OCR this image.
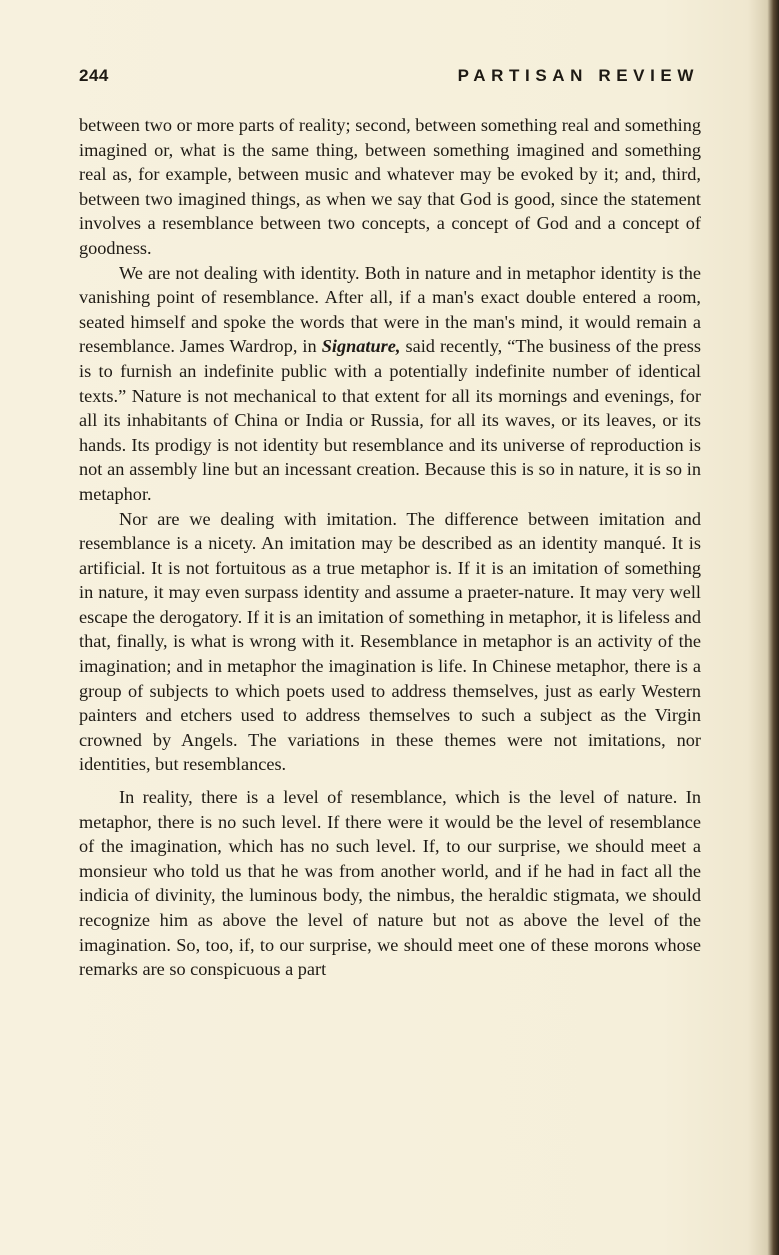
244	PARTISAN REVIEW

between two or more parts of reality; second, between something real and something imagined or, what is the same thing, between something imagined and something real as, for example, between music and whatever may be evoked by it; and, third, between two imagined things, as when we say that God is good, since the statement involves a resemblance between two concepts, a concept of God and a concept of goodness.

We are not dealing with identity. Both in nature and in metaphor identity is the vanishing point of resemblance. After all, if a man's exact double entered a room, seated himself and spoke the words that were in the man's mind, it would remain a resemblance. James Wardrop, in Signature, said recently, “The business of the press is to furnish an indefinite public with a potentially indefinite number of identical texts.” Nature is not mechanical to that extent for all its mornings and evenings, for all its inhabitants of China or India or Russia, for all its waves, or its leaves, or its hands. Its prodigy is not identity but resemblance and its universe of reproduction is not an assembly line but an incessant creation. Because this is so in nature, it is so in metaphor.

Nor are we dealing with imitation. The difference between imitation and resemblance is a nicety. An imitation may be described as an identity manqué. It is artificial. It is not fortuitous as a true metaphor is. If it is an imitation of something in nature, it may even surpass identity and assume a praeter-nature. It may very well escape the derogatory. If it is an imitation of something in metaphor, it is lifeless and that, finally, is what is wrong with it. Resemblance in metaphor is an activity of the imagination; and in metaphor the imagination is life. In Chinese metaphor, there is a group of subjects to which poets used to address themselves, just as early Western painters and etchers used to address themselves to such a subject as the Virgin crowned by Angels. The variations in these themes were not imitations, nor identities, but resemblances.

In reality, there is a level of resemblance, which is the level of nature. In metaphor, there is no such level. If there were it would be the level of resemblance of the imagination, which has no such level. If, to our surprise, we should meet a monsieur who told us that he was from another world, and if he had in fact all the indicia of divinity, the luminous body, the nimbus, the heraldic stigmata, we should recognize him as above the level of nature but not as above the level of the imagination. So, too, if, to our surprise, we should meet one of these morons whose remarks are so conspicuous a part
